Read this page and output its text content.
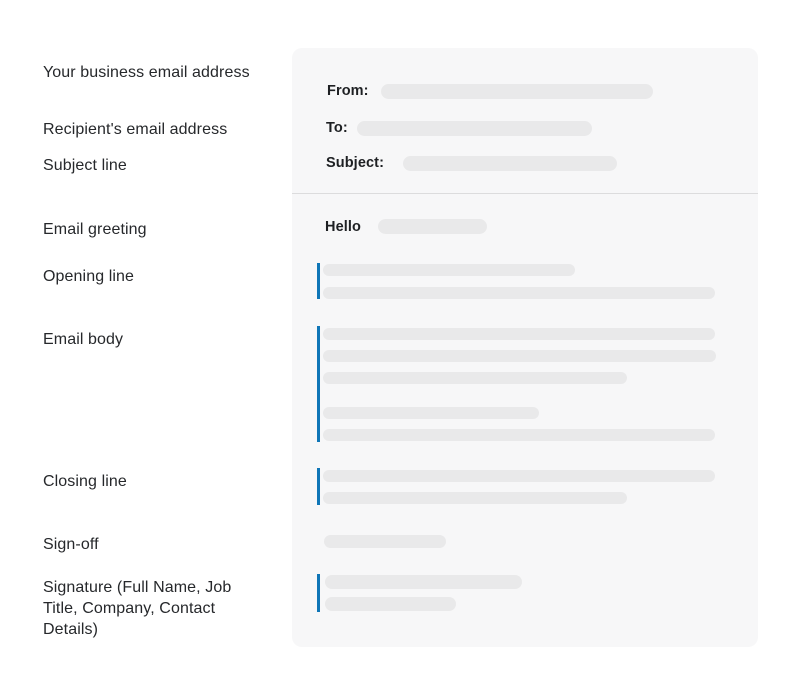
Your business email address
Recipient's email address
Subject line
Email greeting
Opening line
Email body
Closing line
Sign-off
Signature (Full Name, Job Title, Company, Contact Details)
From:
To:
Subject:
Hello
